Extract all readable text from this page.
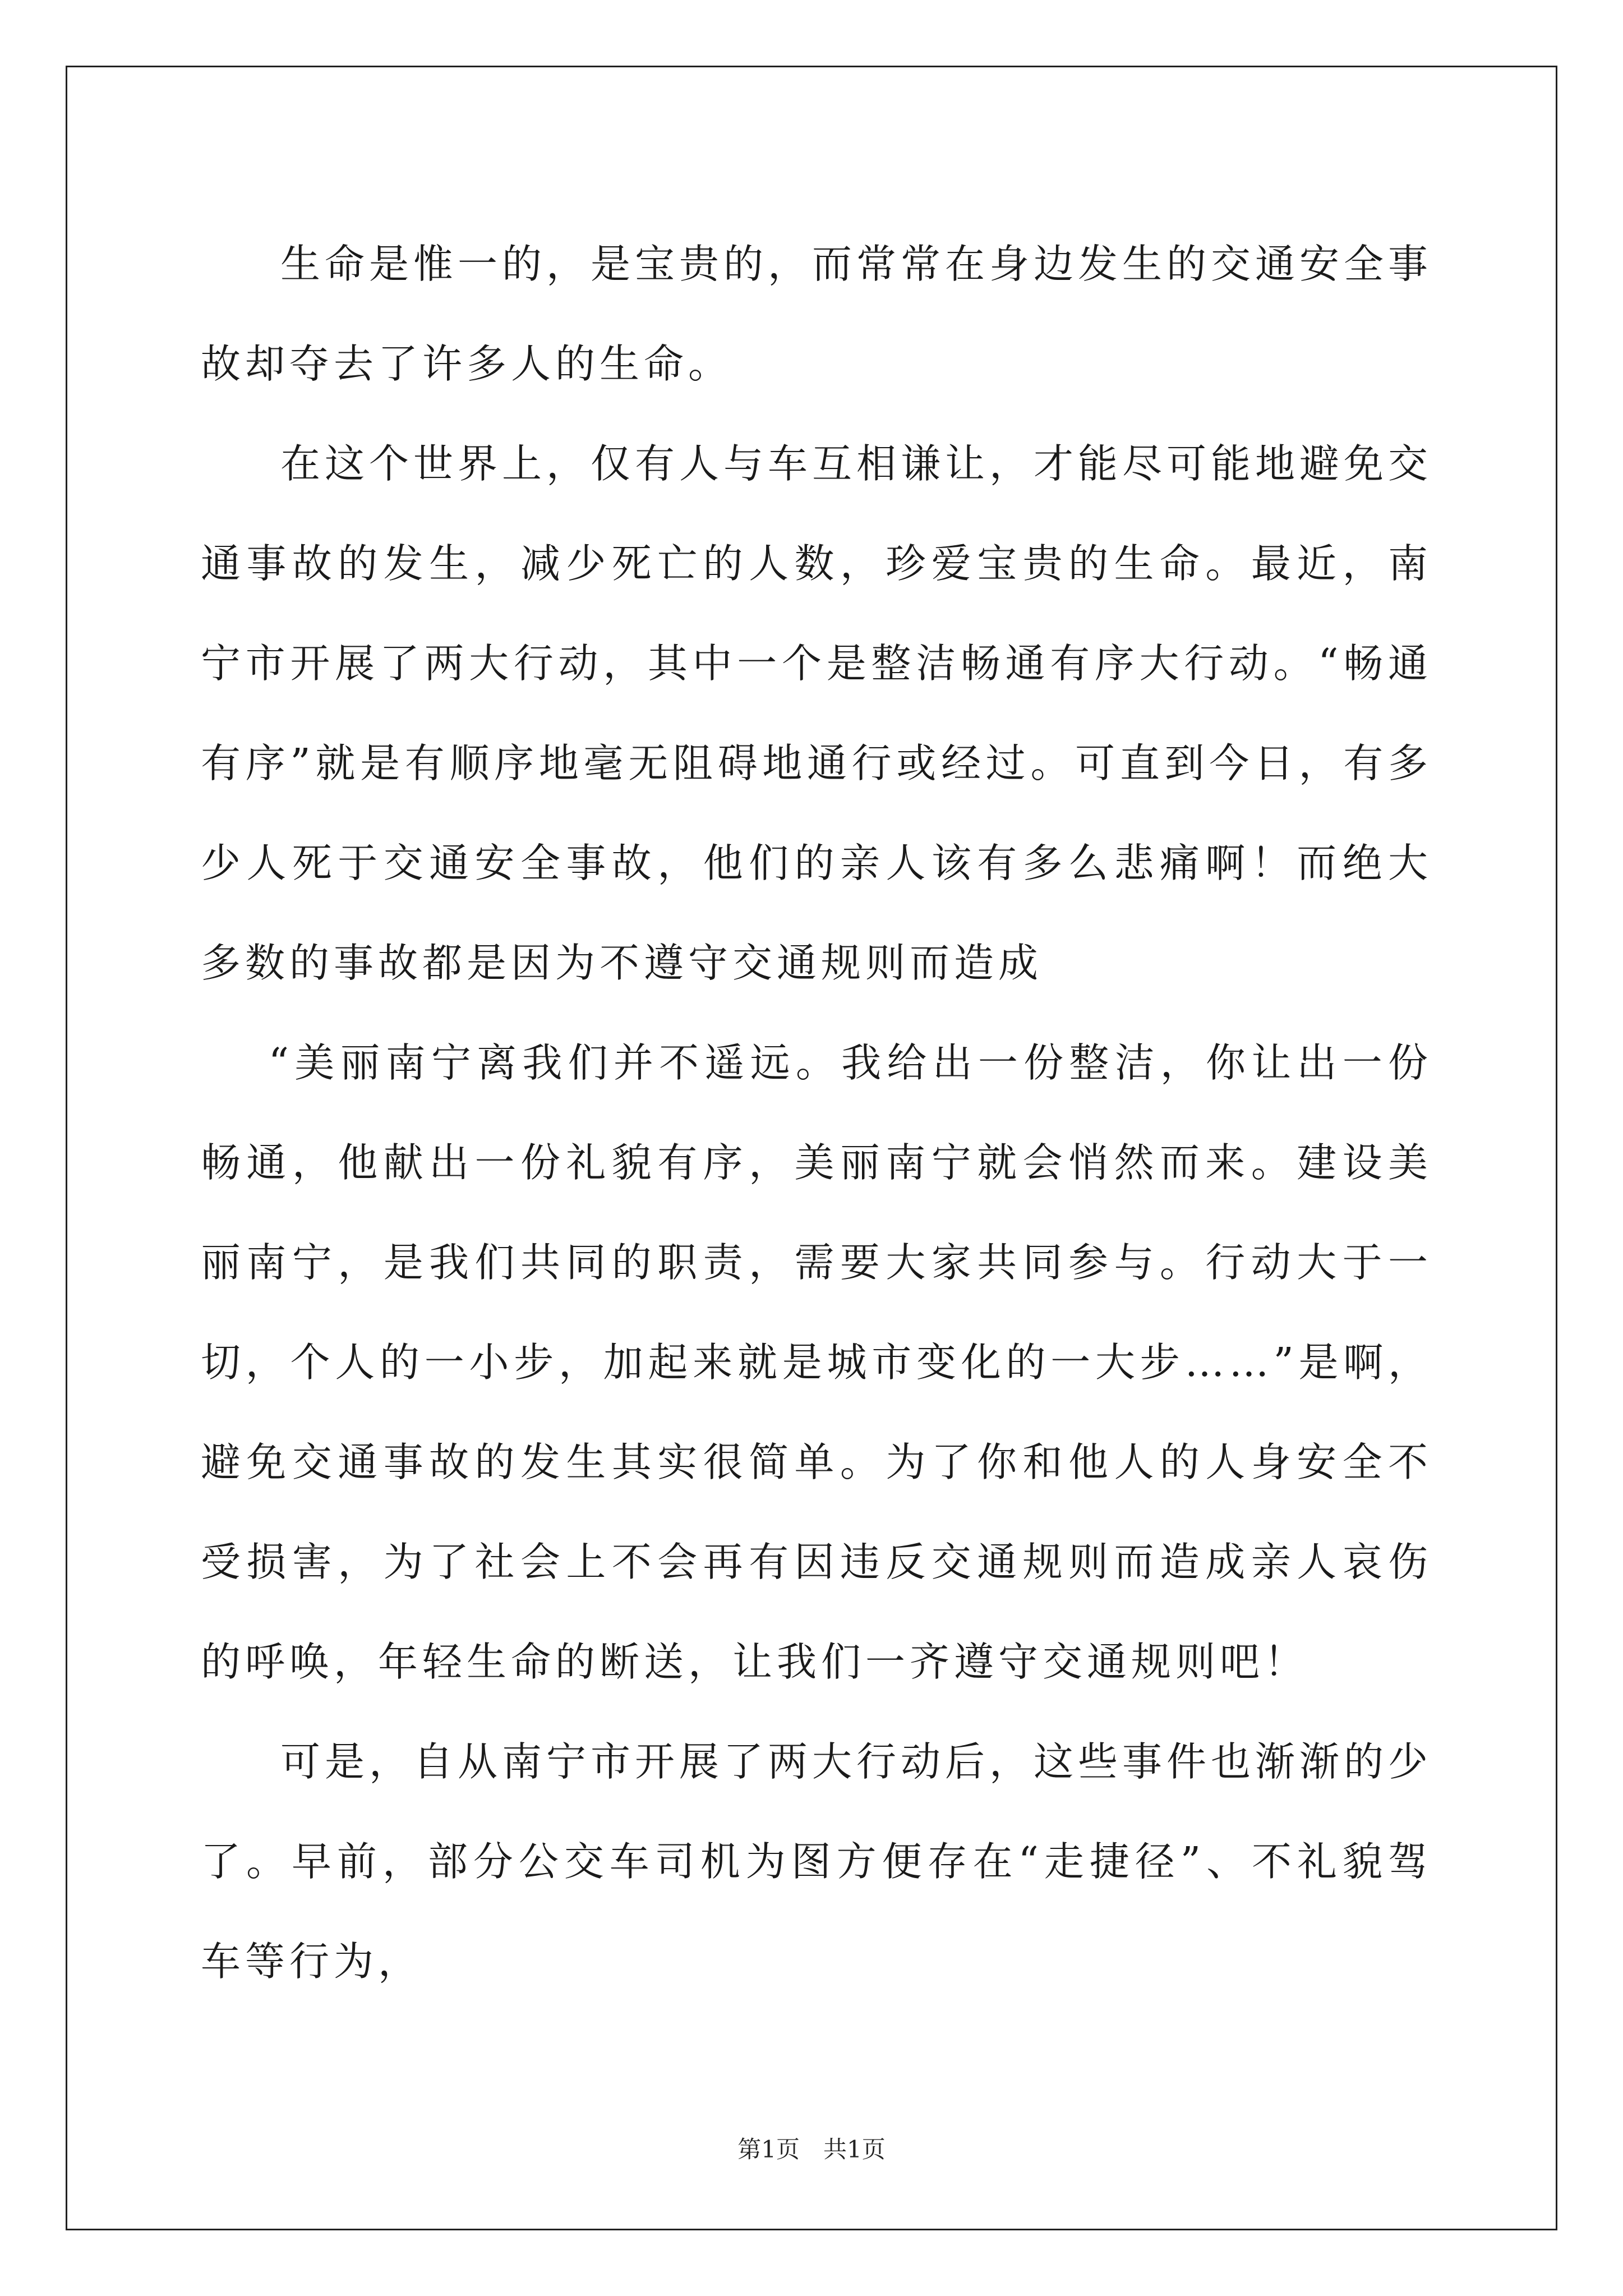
生命是惟一的，是宝贵的，而常常在身边发生的交通安全事故却夺去了许多人的生命。

在这个世界上，仅有人与车互相谦让，才能尽可能地避免交通事故的发生，减少死亡的人数，珍爱宝贵的生命。最近，南宁市开展了两大行动，其中一个是整洁畅通有序大行动。“畅通有序”就是有顺序地毫无阻碍地通行或经过。可直到今日，有多少人死于交通安全事故，他们的亲人该有多么悲痛啊！而绝大多数的事故都是因为不遵守交通规则而造成

“美丽南宁离我们并不遥远。我给出一份整洁，你让出一份畅通，他献出一份礼貌有序，美丽南宁就会悄然而来。建设美丽南宁，是我们共同的职责，需要大家共同参与。行动大于一切，个人的一小步，加起来就是城市变化的一大步……”是啊，避免交通事故的发生其实很简单。为了你和他人的人身安全不受损害，为了社会上不会再有因违反交通规则而造成亲人哀伤的呼唤，年轻生命的断送，让我们一齐遵守交通规则吧！

可是，自从南宁市开展了两大行动后，这些事件也渐渐的少了。早前，部分公交车司机为图方便存在“走捷径”、不礼貌驾车等行为，

第1页 共1页
